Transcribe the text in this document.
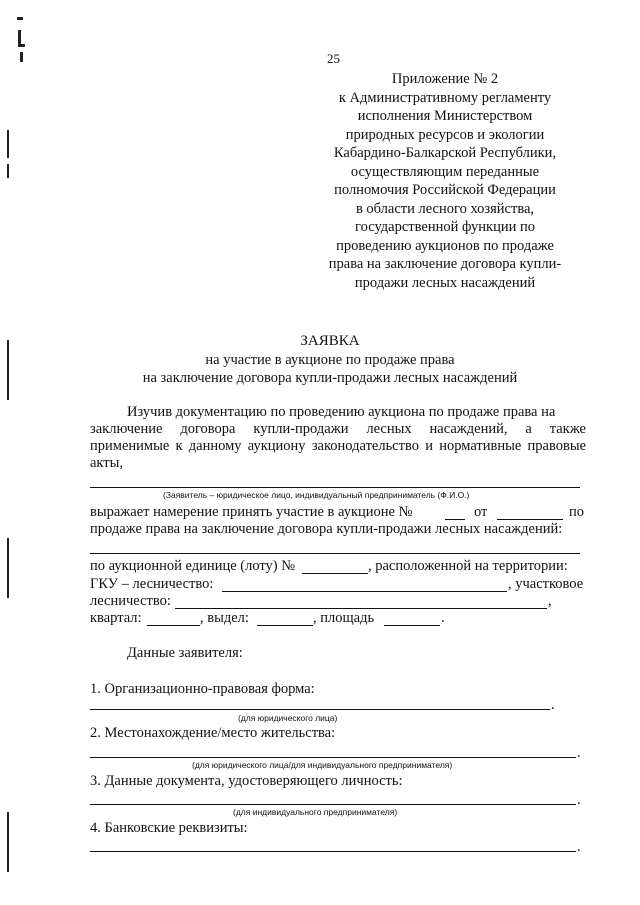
25
Приложение № 2
к Административному регламенту
исполнения Министерством
природных ресурсов и экологии
Кабардино-Балкарской Республики,
осуществляющим переданные
полномочия Российской Федерации
в области лесного хозяйства,
государственной функции по
проведению аукционов по продаже
права на заключение договора купли-
продажи лесных насаждений
ЗАЯВКА
на участие в аукционе по продаже права
на заключение договора купли-продажи лесных насаждений
Изучив документацию по проведению аукциона по продаже права на
заключение договора купли-продажи лесных насаждений, а также
применимые к данному аукциону законодательство и нормативные правовые
акты,
(Заявитель – юридическое лицо, индивидуальный предприниматель (Ф.И.О.)
выражает намерение принять участие в аукционе №	от	по
продаже права на заключение договора купли-продажи лесных насаждений:
по аукционной единице (лоту) №	, расположенной на территории:
ГКУ – лесничество:	, участковое
лесничество:	,
квартал:	, выдел:	, площадь	.
Данные заявителя:
1. Организационно-правовая форма:
.
(для юридического лица)
2. Местонахождение/место жительства:
.
(для юридического лица/для индивидуального предпринимателя)
3. Данные документа, удостоверяющего личность:
.
(для индивидуального предпринимателя)
4. Банковские реквизиты:
.
